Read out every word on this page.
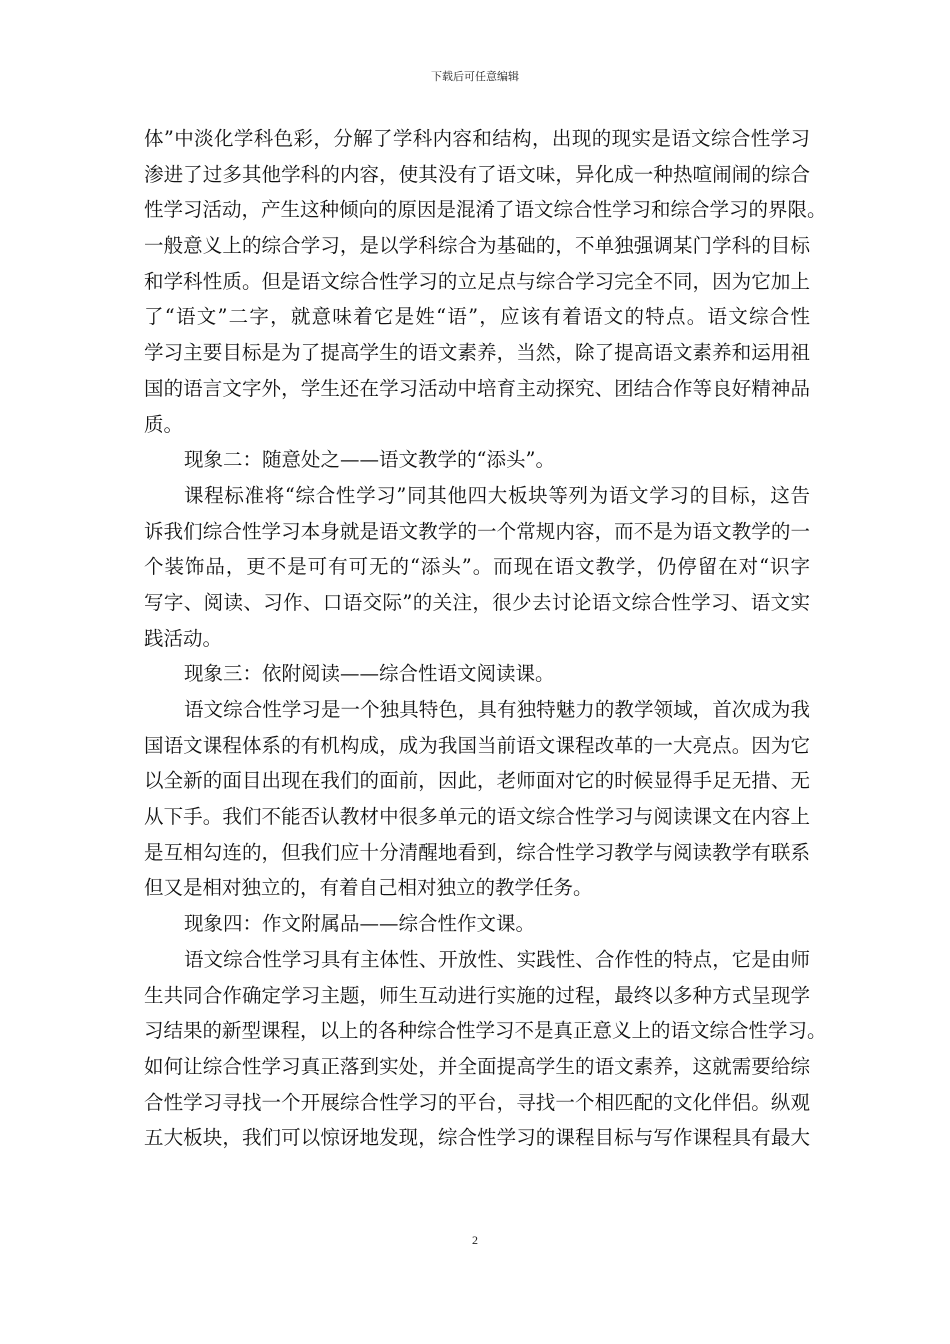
下载后可任意编辑
体”中淡化学科色彩，分解了学科内容和结构，出现的现实是语文综合性学习
渗进了过多其他学科的内容，使其没有了语文味，异化成一种热喧闹闹的综合
性学习活动，产生这种倾向的原因是混淆了语文综合性学习和综合学习的界限。
一般意义上的综合学习，是以学科综合为基础的，不单独强调某门学科的目标
和学科性质。但是语文综合性学习的立足点与综合学习完全不同，因为它加上
了“语文”二字，就意味着它是姓“语”，应该有着语文的特点。语文综合性
学习主要目标是为了提高学生的语文素养，当然，除了提高语文素养和运用祖
国的语言文字外，学生还在学习活动中培育主动探究、团结合作等良好精神品
质。
现象二：随意处之——语文教学的“添头”。
课程标准将“综合性学习”同其他四大板块等列为语文学习的目标，这告
诉我们综合性学习本身就是语文教学的一个常规内容，而不是为语文教学的一
个装饰品，更不是可有可无的“添头”。而现在语文教学，仍停留在对“识字
写字、阅读、习作、口语交际”的关注，很少去讨论语文综合性学习、语文实
践活动。
现象三：依附阅读——综合性语文阅读课。
语文综合性学习是一个独具特色，具有独特魅力的教学领域，首次成为我
国语文课程体系的有机构成，成为我国当前语文课程改革的一大亮点。因为它
以全新的面目出现在我们的面前，因此，老师面对它的时候显得手足无措、无
从下手。我们不能否认教材中很多单元的语文综合性学习与阅读课文在内容上
是互相勾连的，但我们应十分清醒地看到，综合性学习教学与阅读教学有联系
但又是相对独立的，有着自己相对独立的教学任务。
现象四：作文附属品——综合性作文课。
语文综合性学习具有主体性、开放性、实践性、合作性的特点，它是由师
生共同合作确定学习主题，师生互动进行实施的过程，最终以多种方式呈现学
习结果的新型课程，以上的各种综合性学习不是真正意义上的语文综合性学习。
如何让综合性学习真正落到实处，并全面提高学生的语文素养，这就需要给综
合性学习寻找一个开展综合性学习的平台，寻找一个相匹配的文化伴侣。纵观
五大板块，我们可以惊讶地发现，综合性学习的课程目标与写作课程具有最大
2
